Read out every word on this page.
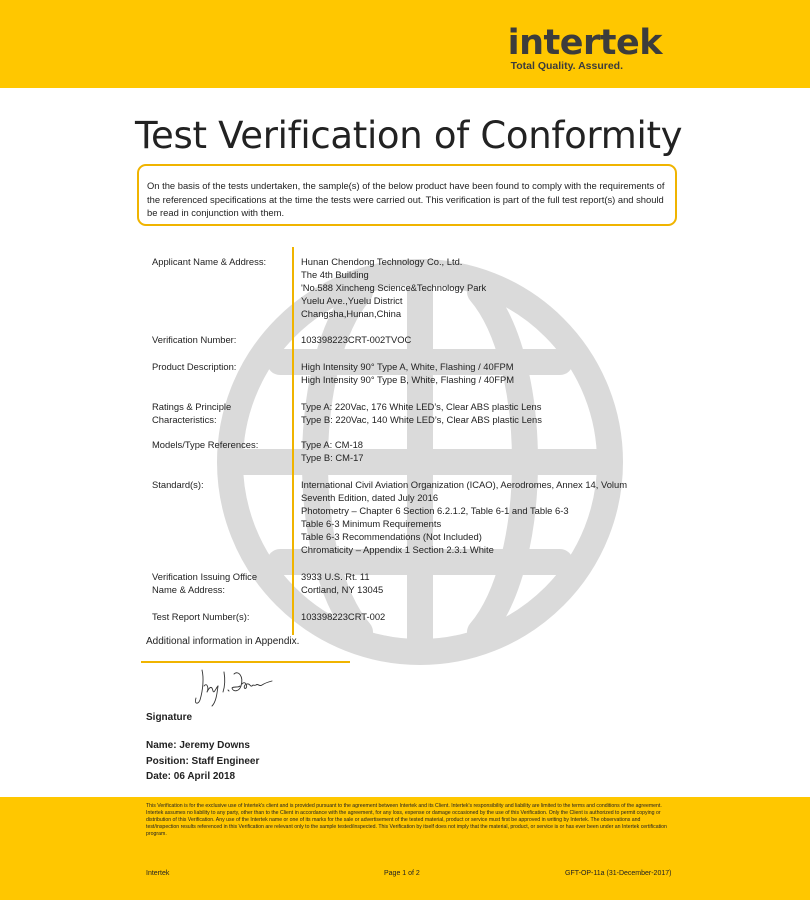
intertek
Total Quality. Assured.
Test Verification of Conformity
On the basis of the tests undertaken, the sample(s) of the below product have been found to comply with the requirements of the referenced specifications at the time the tests were carried out. This verification is part of the full test report(s) and should be read in conjunction with them.
Applicant Name & Address:	Hunan Chendong Technology Co., Ltd.
The 4th Building
'No.588 Xincheng Science&Technology Park
Yuelu Ave.,Yuelu District
Changsha,Hunan,China
Verification Number:	103398223CRT-002TVOC
Product Description:	High Intensity 90° Type A, White, Flashing / 40FPM
High Intensity 90° Type B, White, Flashing / 40FPM
Ratings & Principle
Characteristics:
Type A: 220Vac, 176 White LED’s, Clear ABS plastic Lens
Type B: 220Vac, 140 White LED’s, Clear ABS plastic Lens
Models/Type References:	Type A: CM-18
Type B: CM-17
Standard(s):	International Civil Aviation Organization (ICAO), Aerodromes, Annex 14, Volum
Seventh Edition, dated July 2016
Photometry – Chapter 6 Section 6.2.1.2, Table 6-1 and Table 6-3
Table 6-3 Minimum Requirements
Table 6-3 Recommendations (Not Included)
Chromaticity – Appendix 1 Section 2.3.1 White
Verification Issuing Office
Name & Address:
3933 U.S. Rt. 11
Cortland, NY 13045
Test Report Number(s):	103398223CRT-002
Additional information in Appendix.
Signature
Name: Jeremy Downs
Position: Staff Engineer
Date: 06 April 2018
This Verification is for the exclusive use of Intertek's client and is provided pursuant to the agreement between Intertek and its Client. Intertek's responsibility and liability are limited to the terms and conditions of the agreement. Intertek assumes no liability to any party, other than to the Client in accordance with the agreement, for any loss, expense or damage occasioned by the use of this Verification. Only the Client is authorized to permit copying or distribution of this Verification. Any use of the Intertek name or one of its marks for the sale or advertisement of the tested material, product or service must first be approved in writing by Intertek. The observations and test/inspection results referenced in this Verification are relevant only to the sample tested/inspected. This Verification by itself does not imply that the material, product, or service is or has ever been under an Intertek certification program.
Intertek	Page 1 of 2	GFT-OP-11a (31-December-2017)
